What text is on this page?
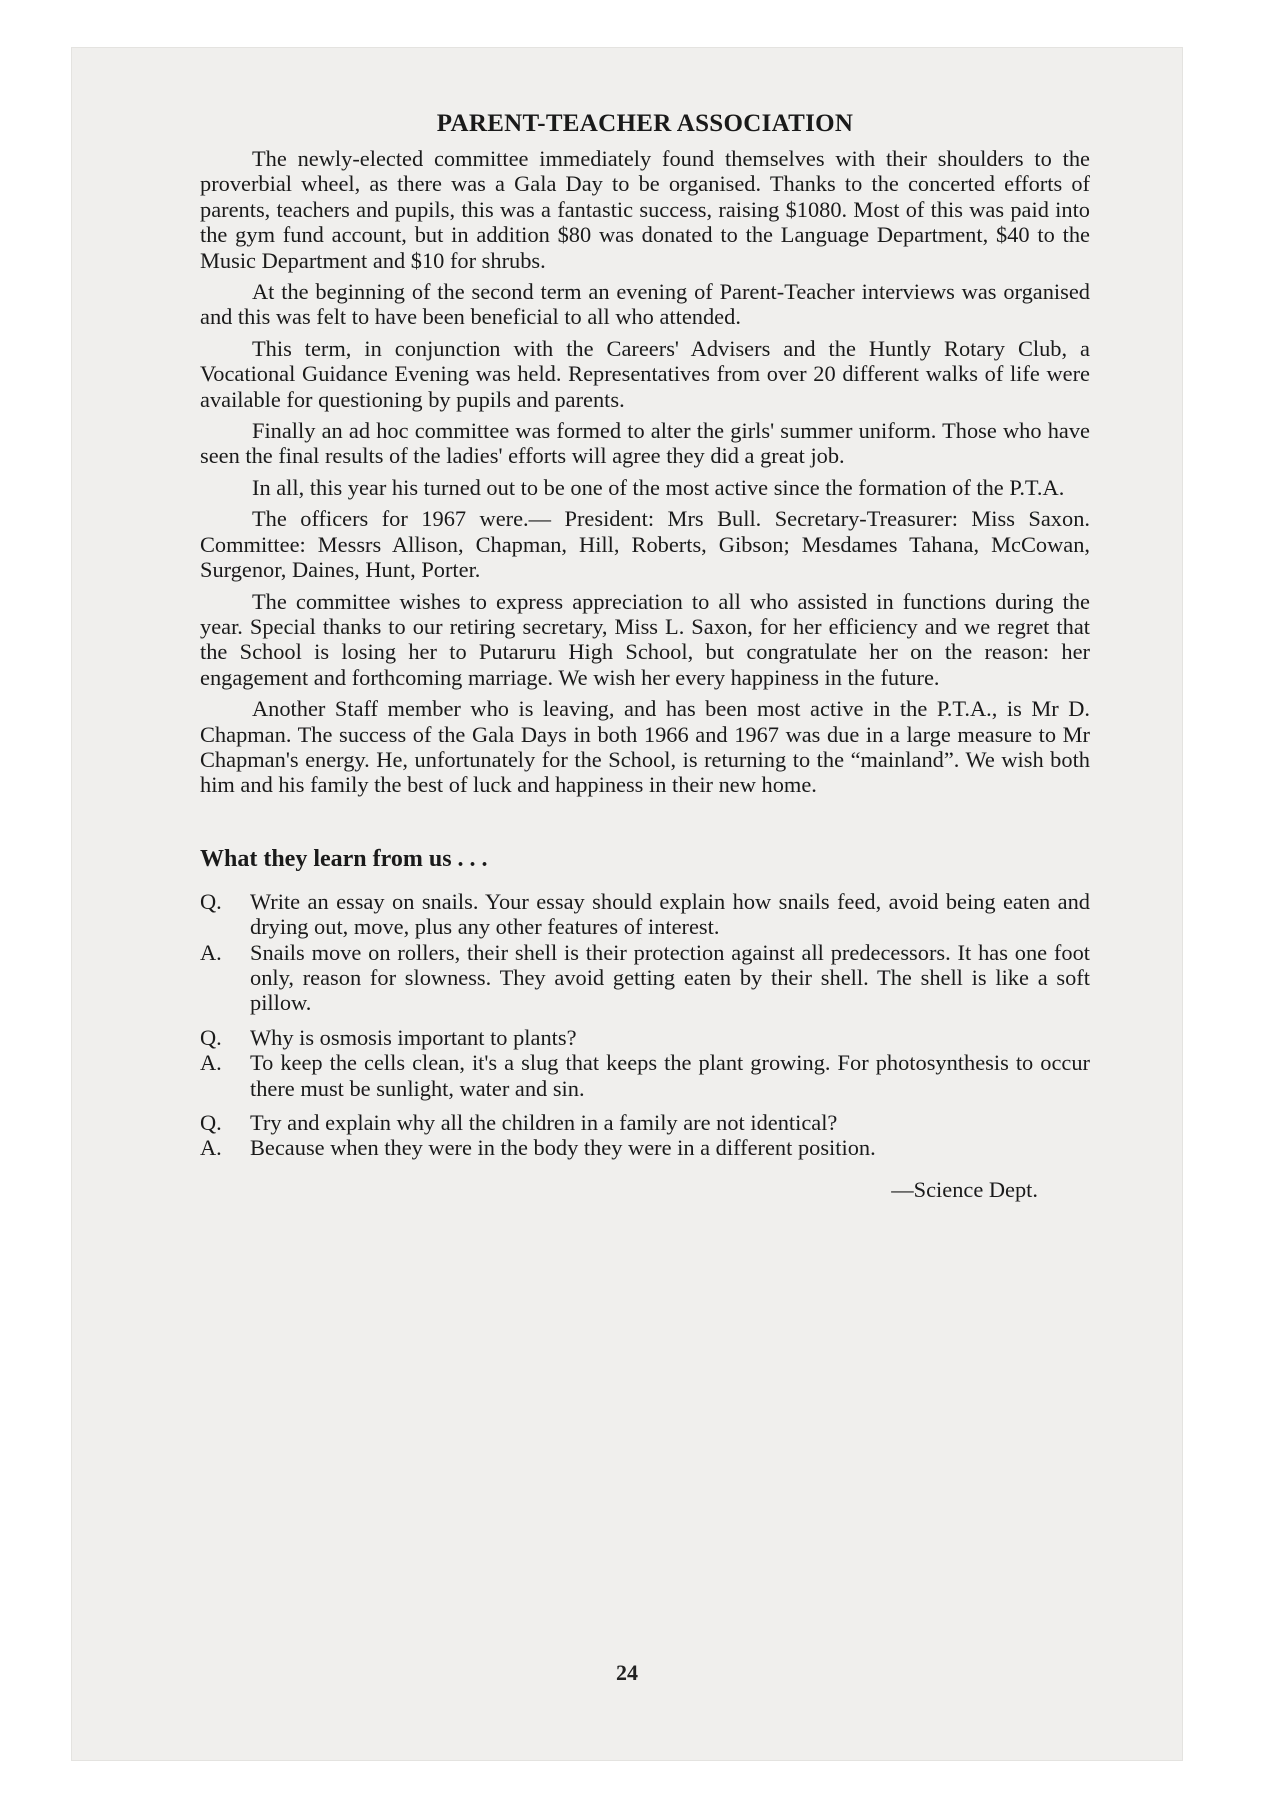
PARENT-TEACHER ASSOCIATION

The newly-elected committee immediately found themselves with their shoulders to the proverbial wheel, as there was a Gala Day to be organised. Thanks to the concerted efforts of parents, teachers and pupils, this was a fantastic success, raising $1080. Most of this was paid into the gym fund account, but in addition $80 was donated to the Language Department, $40 to the Music Department and $10 for shrubs.

At the beginning of the second term an evening of Parent-Teacher interviews was organised and this was felt to have been beneficial to all who attended.

This term, in conjunction with the Careers' Advisers and the Huntly Rotary Club, a Vocational Guidance Evening was held. Representatives from over 20 different walks of life were available for questioning by pupils and parents.

Finally an ad hoc committee was formed to alter the girls' summer uniform. Those who have seen the final results of the ladies' efforts will agree they did a great job.

In all, this year his turned out to be one of the most active since the formation of the P.T.A.

The officers for 1967 were.— President: Mrs Bull. Secretary-Treasurer: Miss Saxon. Committee: Messrs Allison, Chapman, Hill, Roberts, Gibson; Mesdames Tahana, McCowan, Surgenor, Daines, Hunt, Porter.

The committee wishes to express appreciation to all who assisted in functions during the year. Special thanks to our retiring secretary, Miss L. Saxon, for her efficiency and we regret that the School is losing her to Putaruru High School, but congratulate her on the reason: her engagement and forthcoming marriage. We wish her every happiness in the future.

Another Staff member who is leaving, and has been most active in the P.T.A., is Mr D. Chapman. The success of the Gala Days in both 1966 and 1967 was due in a large measure to Mr Chapman's energy. He, unfortunately for the School, is returning to the “mainland”. We wish both him and his family the best of luck and happiness in their new home.

What they learn from us . . .
Q.	Write an essay on snails. Your essay should explain how snails feed, avoid being eaten and drying out, move, plus any other features of interest.
A.	Snails move on rollers, their shell is their protection against all predecessors. It has one foot only, reason for slowness. They avoid getting eaten by their shell. The shell is like a soft pillow.
Q.	Why is osmosis important to plants?
A.	To keep the cells clean, it's a slug that keeps the plant growing. For photosynthesis to occur there must be sunlight, water and sin.
Q.	Try and explain why all the children in a family are not identical?
A.	Because when they were in the body they were in a different position.
—Science Dept.
24
